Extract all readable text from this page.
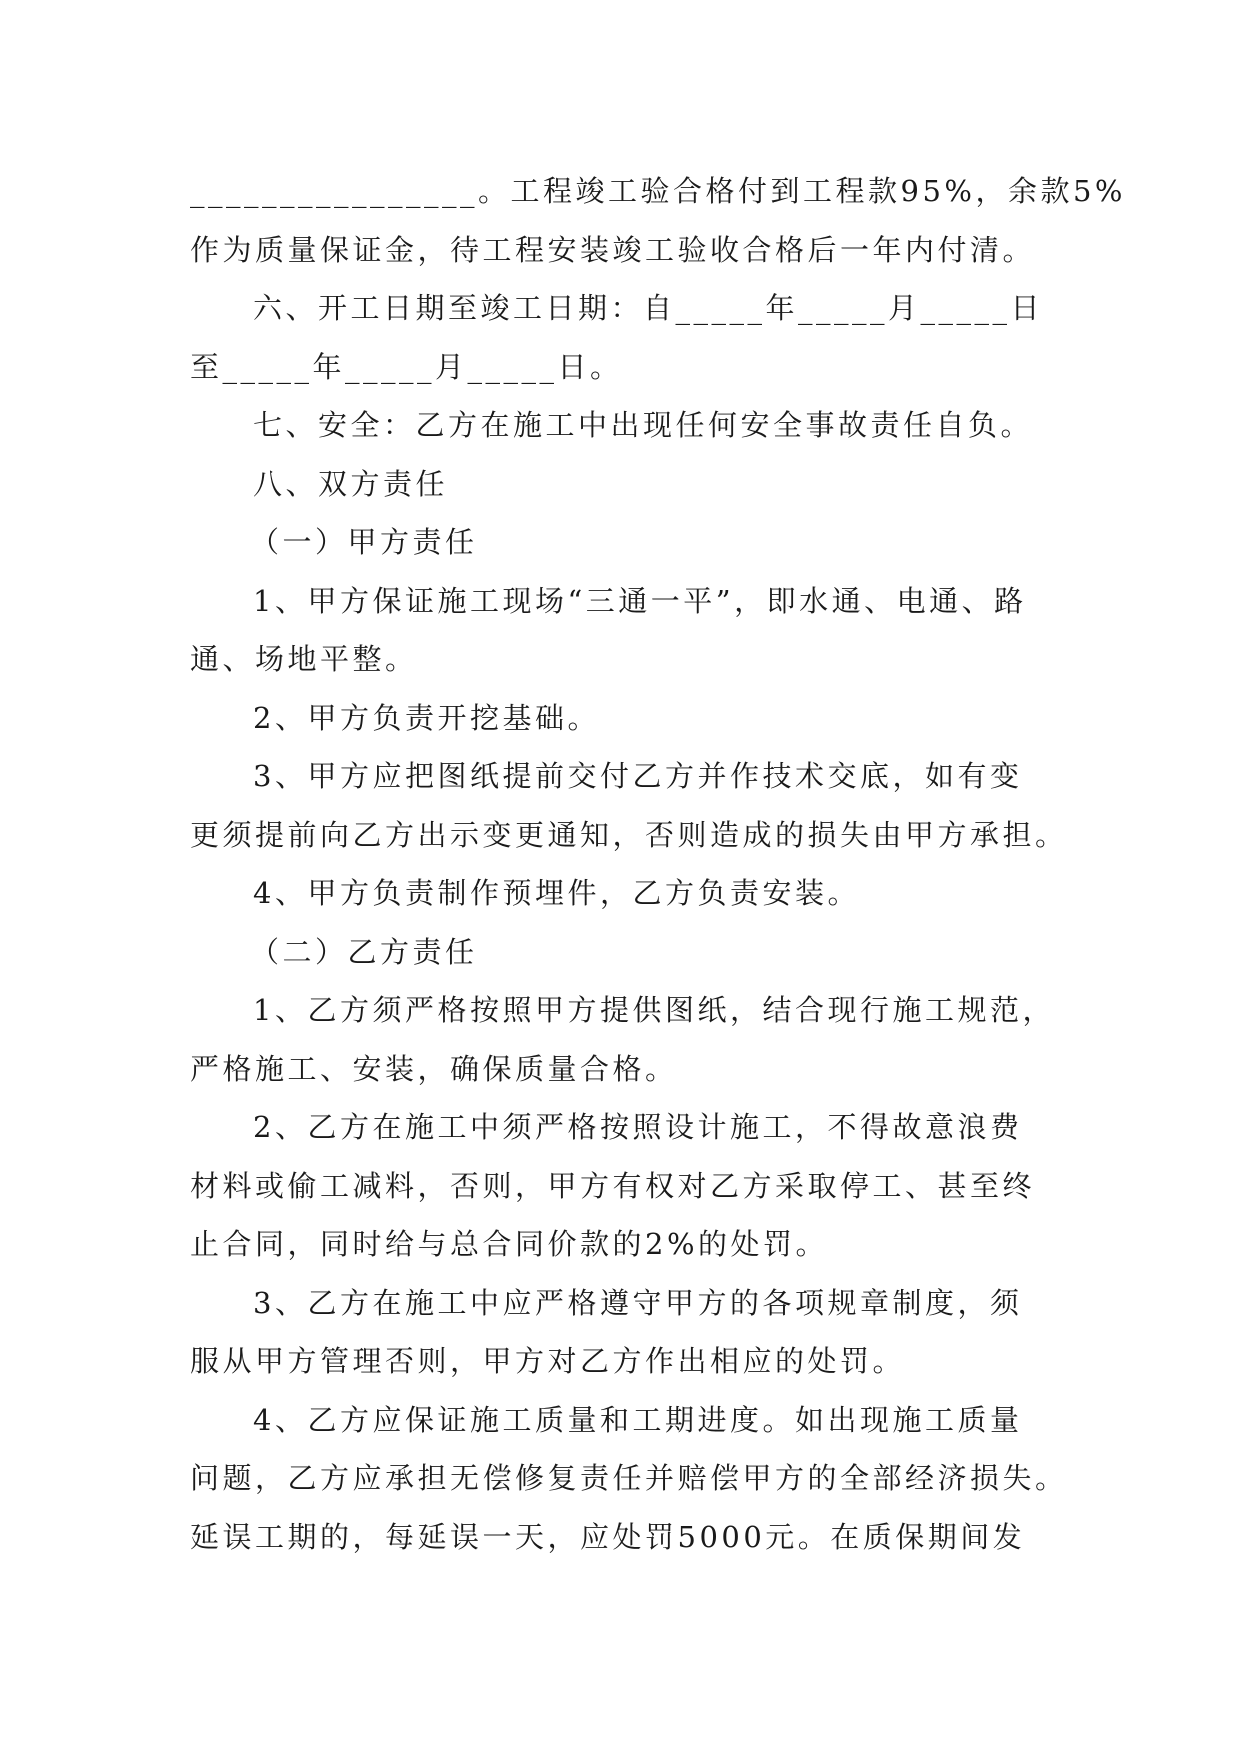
________________。工程竣工验合格付到工程款95%，余款5%
作为质量保证金，待工程安装竣工验收合格后一年内付清。
六、开工日期至竣工日期：自_____年_____月_____日
至_____年_____月_____日。
七、安全：乙方在施工中出现任何安全事故责任自负。
八、双方责任
（一）甲方责任
1、甲方保证施工现场“三通一平”，即水通、电通、路
通、场地平整。
2、甲方负责开挖基础。
3、甲方应把图纸提前交付乙方并作技术交底，如有变
更须提前向乙方出示变更通知，否则造成的损失由甲方承担。
4、甲方负责制作预埋件，乙方负责安装。
（二）乙方责任
1、乙方须严格按照甲方提供图纸，结合现行施工规范，
严格施工、安装，确保质量合格。
2、乙方在施工中须严格按照设计施工，不得故意浪费
材料或偷工减料，否则，甲方有权对乙方采取停工、甚至终
止合同，同时给与总合同价款的2%的处罚。
3、乙方在施工中应严格遵守甲方的各项规章制度，须
服从甲方管理否则，甲方对乙方作出相应的处罚。
4、乙方应保证施工质量和工期进度。如出现施工质量
问题，乙方应承担无偿修复责任并赔偿甲方的全部经济损失。
延误工期的，每延误一天，应处罚5000元。在质保期间发
